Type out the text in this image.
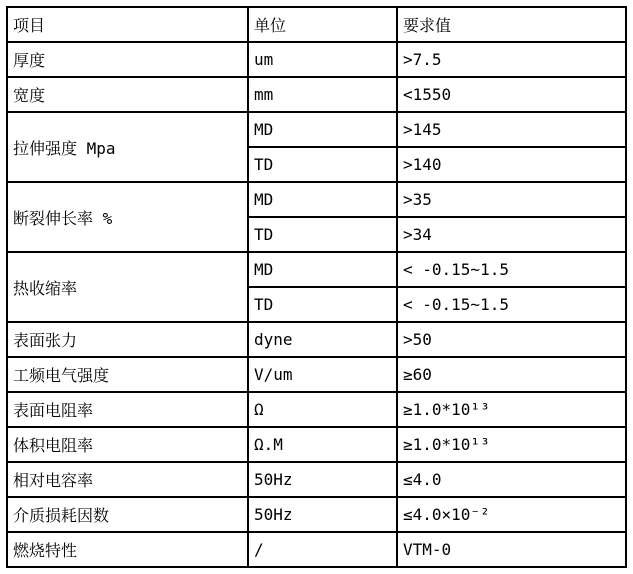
项目	单位	要求值
厚度	um	>7.5
宽度	mm	<1550
拉伸强度 Mpa	MD	>145
	TD	>140
断裂伸长率 %	MD	>35
	TD	>34
热收缩率	MD	< -0.15~1.5
	TD	< -0.15~1.5
表面张力	dyne	>50
工频电气强度	V/um	≥60
表面电阻率	Ω	≥1.0*10¹³
体积电阻率	Ω.M	≥1.0*10¹³
相对电容率	50Hz	≤4.0
介质损耗因数	50Hz	≤4.0×10⁻²
燃烧特性	/	VTM-0
